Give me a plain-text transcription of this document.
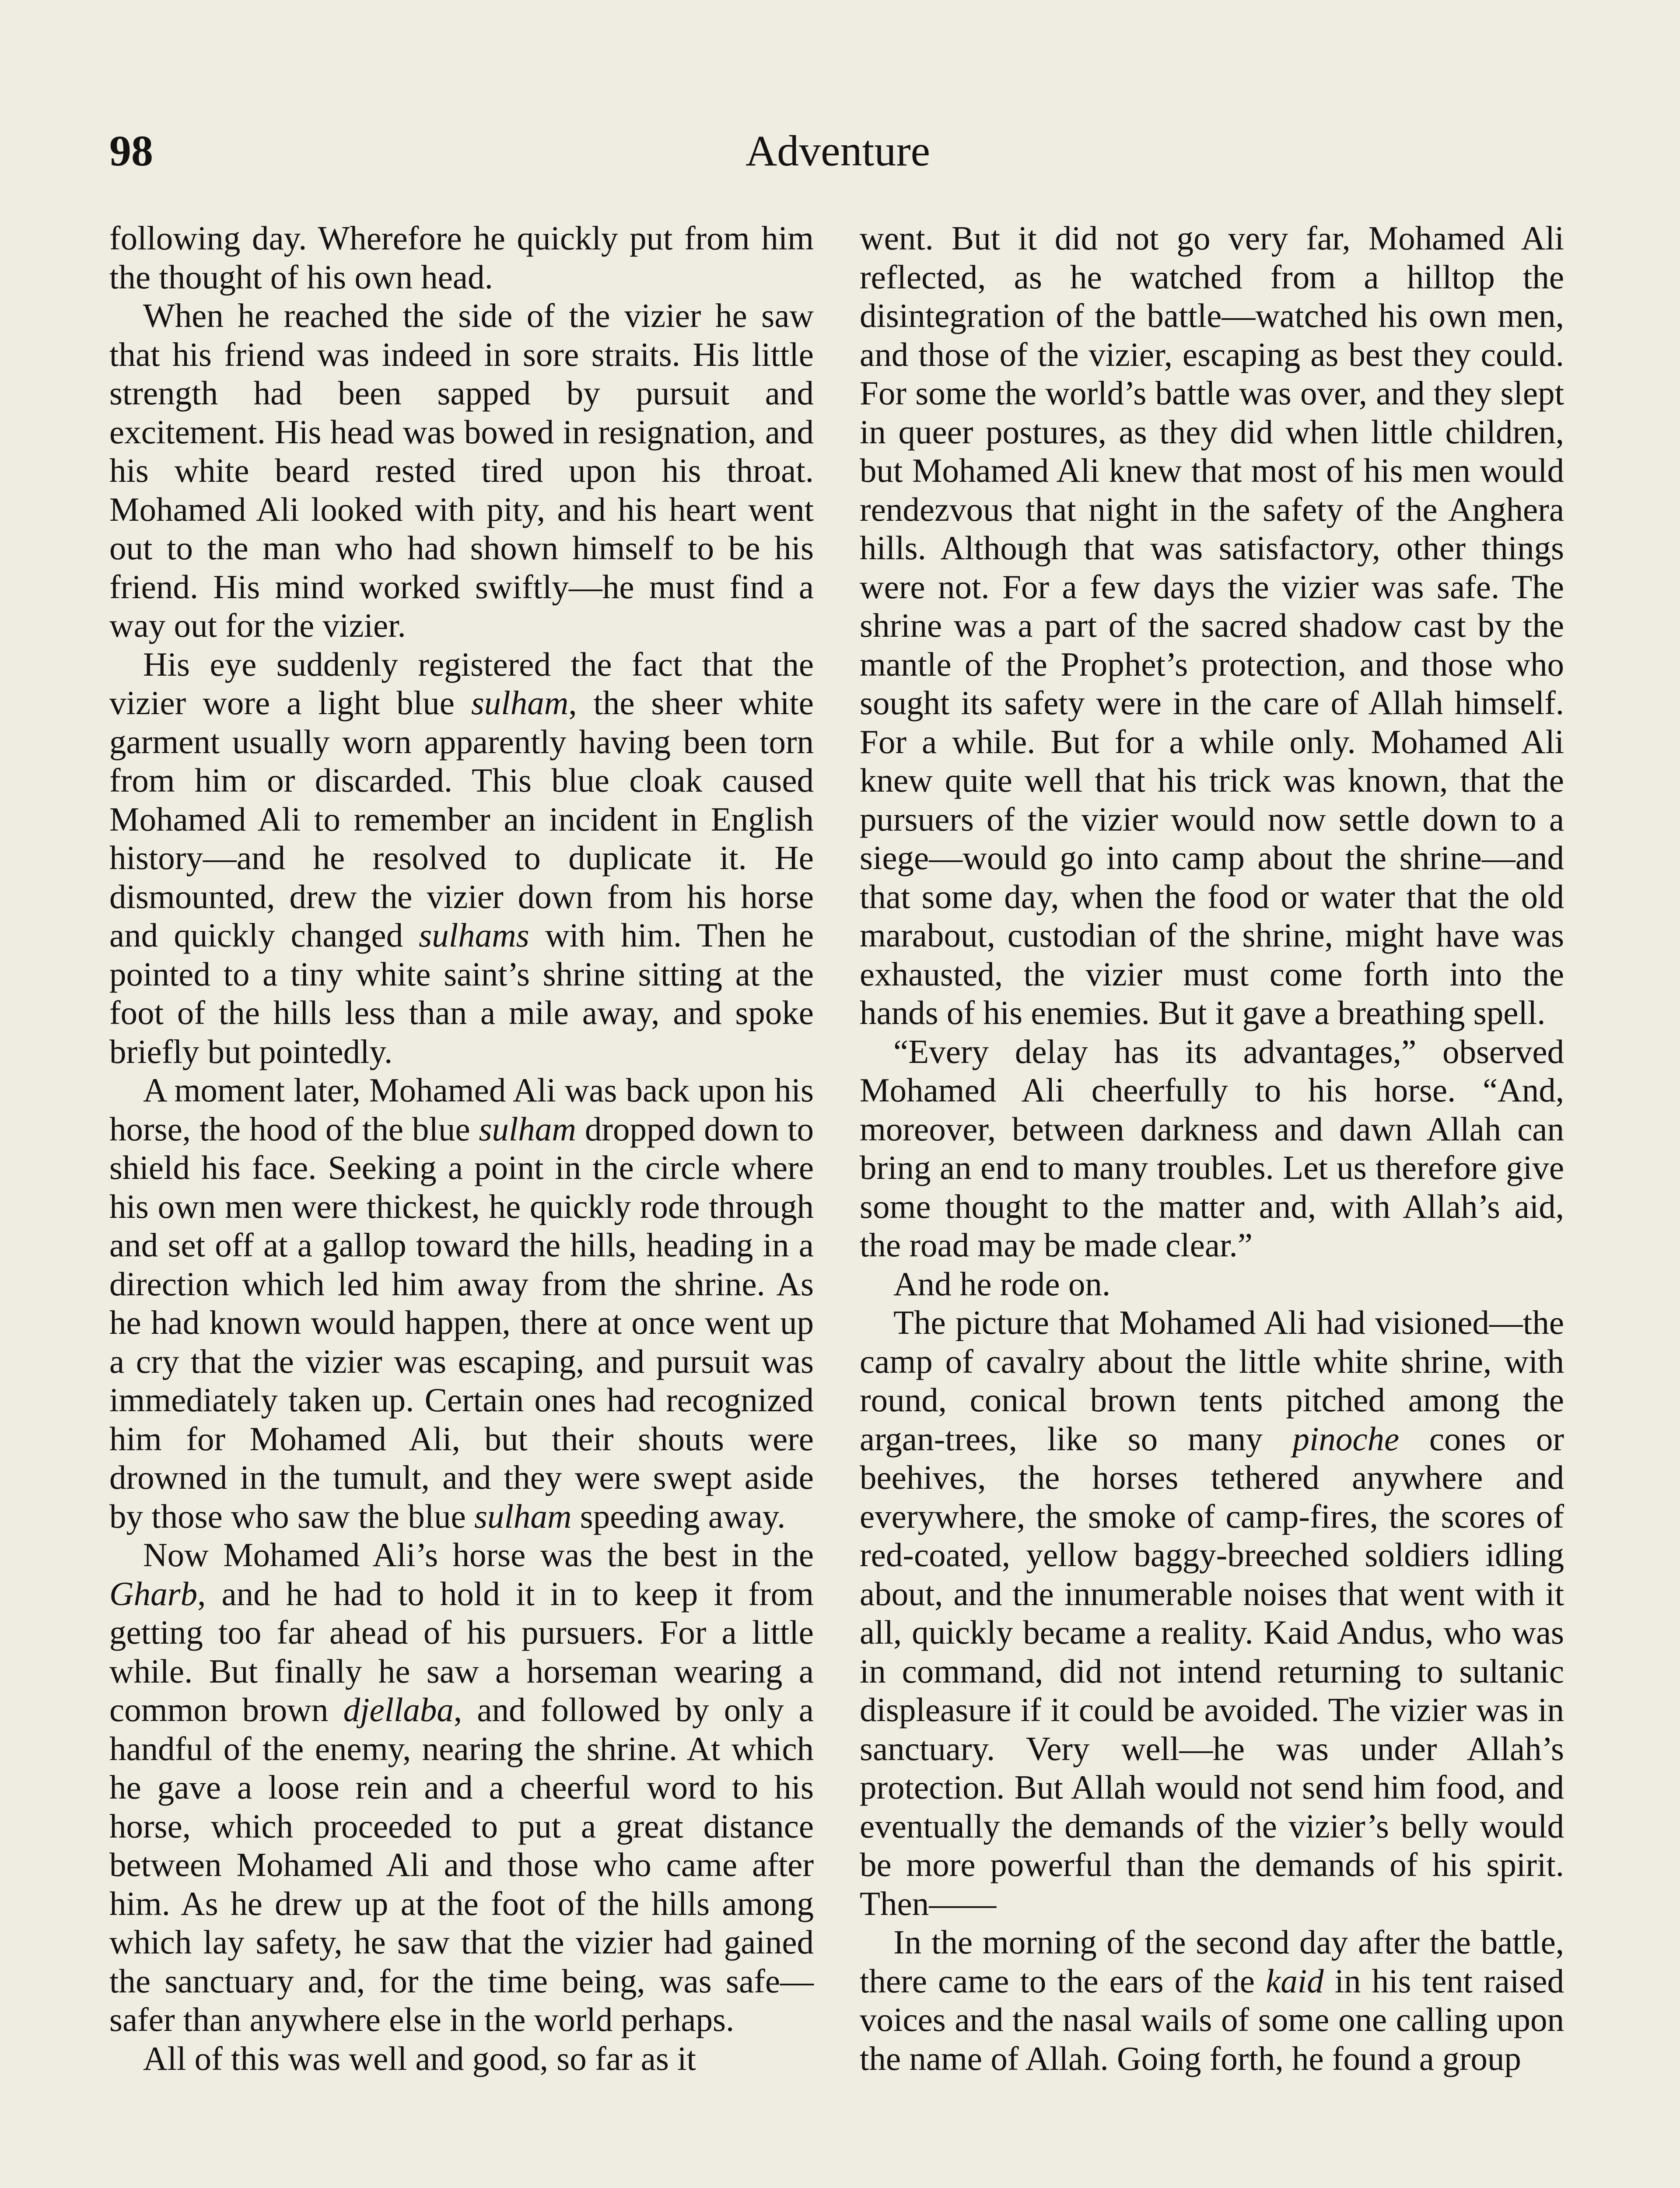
98	Adventure

following day. Wherefore he quickly put from him the thought of his own head.

When he reached the side of the vizier he saw that his friend was indeed in sore straits. His little strength had been sapped by pursuit and excitement. His head was bowed in resignation, and his white beard rested tired upon his throat. Mohamed Ali looked with pity, and his heart went out to the man who had shown himself to be his friend. His mind worked swiftly—he must find a way out for the vizier.

His eye suddenly registered the fact that the vizier wore a light blue sulham, the sheer white garment usually worn apparently having been torn from him or discarded. This blue cloak caused Mohamed Ali to remember an incident in English history—and he resolved to duplicate it. He dismounted, drew the vizier down from his horse and quickly changed sulhams with him. Then he pointed to a tiny white saint’s shrine sitting at the foot of the hills less than a mile away, and spoke briefly but pointedly.

A moment later, Mohamed Ali was back upon his horse, the hood of the blue sulham dropped down to shield his face. Seeking a point in the circle where his own men were thickest, he quickly rode through and set off at a gallop toward the hills, heading in a direction which led him away from the shrine. As he had known would happen, there at once went up a cry that the vizier was escaping, and pursuit was immediately taken up. Certain ones had recognized him for Mohamed Ali, but their shouts were drowned in the tumult, and they were swept aside by those who saw the blue sulham speeding away.

Now Mohamed Ali’s horse was the best in the Gharb, and he had to hold it in to keep it from getting too far ahead of his pursuers. For a little while. But finally he saw a horseman wearing a common brown djellaba, and followed by only a handful of the enemy, nearing the shrine. At which he gave a loose rein and a cheerful word to his horse, which proceeded to put a great distance between Mohamed Ali and those who came after him. As he drew up at the foot of the hills among which lay safety, he saw that the vizier had gained the sanctuary and, for the time being, was safe—safer than anywhere else in the world perhaps.

All of this was well and good, so far as it

went. But it did not go very far, Mohamed Ali reflected, as he watched from a hilltop the disintegration of the battle—watched his own men, and those of the vizier, escaping as best they could. For some the world’s battle was over, and they slept in queer postures, as they did when little children, but Mohamed Ali knew that most of his men would rendezvous that night in the safety of the Anghera hills. Although that was satisfactory, other things were not. For a few days the vizier was safe. The shrine was a part of the sacred shadow cast by the mantle of the Prophet’s protection, and those who sought its safety were in the care of Allah himself. For a while. But for a while only. Mohamed Ali knew quite well that his trick was known, that the pursuers of the vizier would now settle down to a siege—would go into camp about the shrine—and that some day, when the food or water that the old marabout, custodian of the shrine, might have was exhausted, the vizier must come forth into the hands of his enemies. But it gave a breathing spell.

“Every delay has its advantages,” observed Mohamed Ali cheerfully to his horse. “And, moreover, between darkness and dawn Allah can bring an end to many troubles. Let us therefore give some thought to the matter and, with Allah’s aid, the road may be made clear.”

And he rode on.

The picture that Mohamed Ali had visioned—the camp of cavalry about the little white shrine, with round, conical brown tents pitched among the argan-trees, like so many pinoche cones or beehives, the horses tethered anywhere and everywhere, the smoke of camp-fires, the scores of red-coated, yellow baggy-breeched soldiers idling about, and the innumerable noises that went with it all, quickly became a reality. Kaid Andus, who was in command, did not intend returning to sultanic displeasure if it could be avoided. The vizier was in sanctuary. Very well—he was under Allah’s protection. But Allah would not send him food, and eventually the demands of the vizier’s belly would be more powerful than the demands of his spirit. Then——

In the morning of the second day after the battle, there came to the ears of the kaid in his tent raised voices and the nasal wails of some one calling upon the name of Allah. Going forth, he found a group
